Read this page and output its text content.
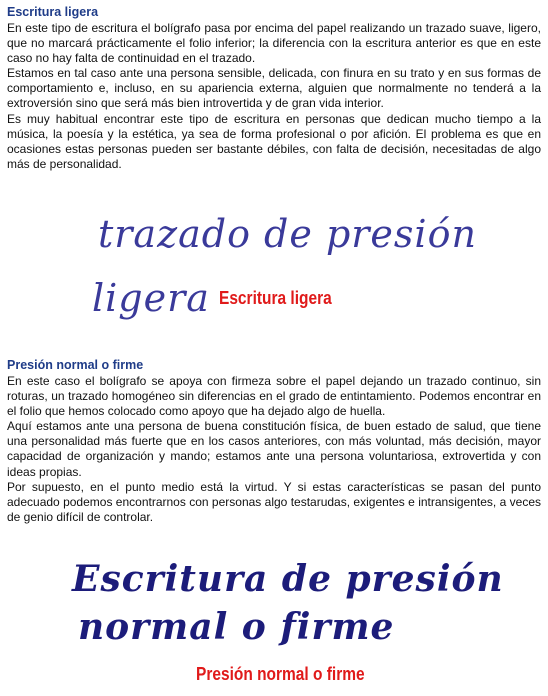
Escritura ligera

En este tipo de escritura el bolígrafo pasa por encima del papel realizando un trazado suave, ligero, que no marcará prácticamente el folio inferior; la diferencia con la escritura anterior es que en este caso no hay falta de continuidad en el trazado.

Estamos en tal caso ante una persona sensible, delicada, con finura en su trato y en sus formas de comportamiento e, incluso, en su apariencia externa, alguien que normalmente no tenderá a la extroversión sino que será más bien introvertida y de gran vida interior.

Es muy habitual encontrar este tipo de escritura en personas que dedican mucho tiempo a la música, la poesía y la estética, ya sea de forma profesional o por afición. El problema es que en ocasiones estas personas pueden ser bastante débiles, con falta de decisión, necesitadas de algo más de personalidad.

trazado de presión
ligera Escritura ligera
Presión normal o firme

En este caso el bolígrafo se apoya con firmeza sobre el papel dejando un trazado continuo, sin roturas, un trazado homogéneo sin diferencias en el grado de entintamiento. Podemos encontrar en el folio que hemos colocado como apoyo que ha dejado algo de huella.

Aquí estamos ante una persona de buena constitución física, de buen estado de salud, que tiene una personalidad más fuerte que en los casos anteriores, con más voluntad, más decisión, mayor capacidad de organización y mando; estamos ante una persona voluntariosa, extrovertida y con ideas propias.

Por supuesto, en el punto medio está la virtud. Y si estas características se pasan del punto adecuado podemos encontrarnos con personas algo testarudas, exigentes e intransigentes, a veces de genio difícil de controlar.

Escritura de presión
normal o firme
Presión normal o firme
